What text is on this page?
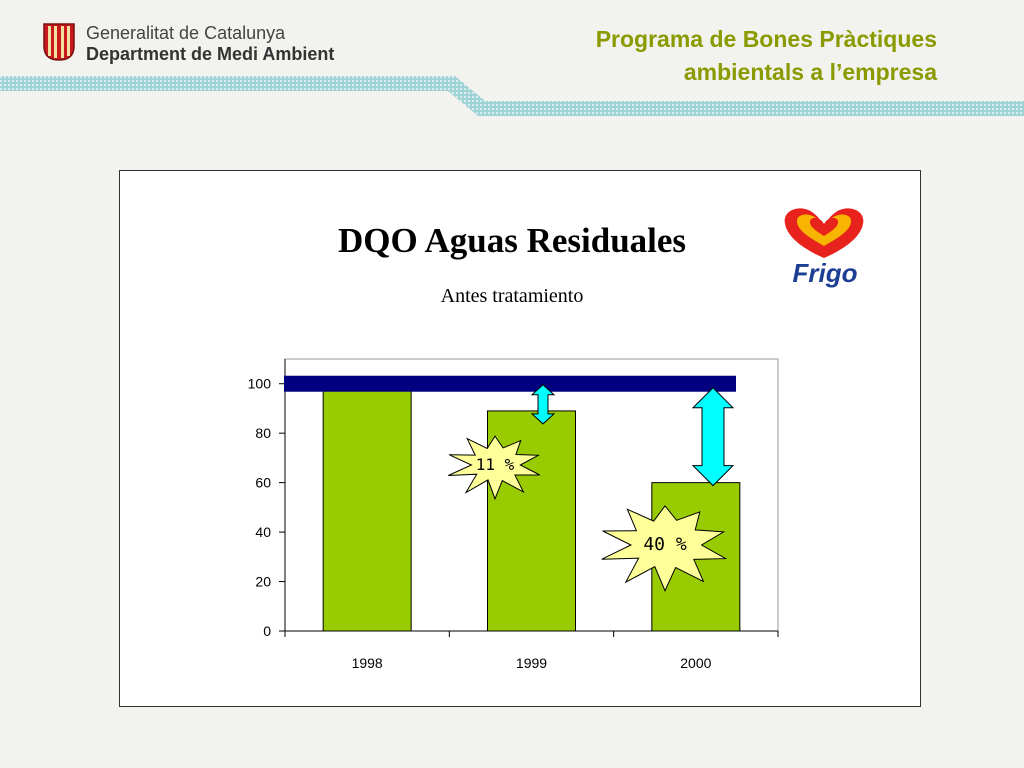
Generalitat de Catalunya
Department de Medi Ambient
Programa de Bones Pràctiques
ambientals a l’empresa
DQO Aguas Residuales
Antes tratamiento
Frigo
0
20
40
60
80
100
1998	1999	2000
11 %
40 %
